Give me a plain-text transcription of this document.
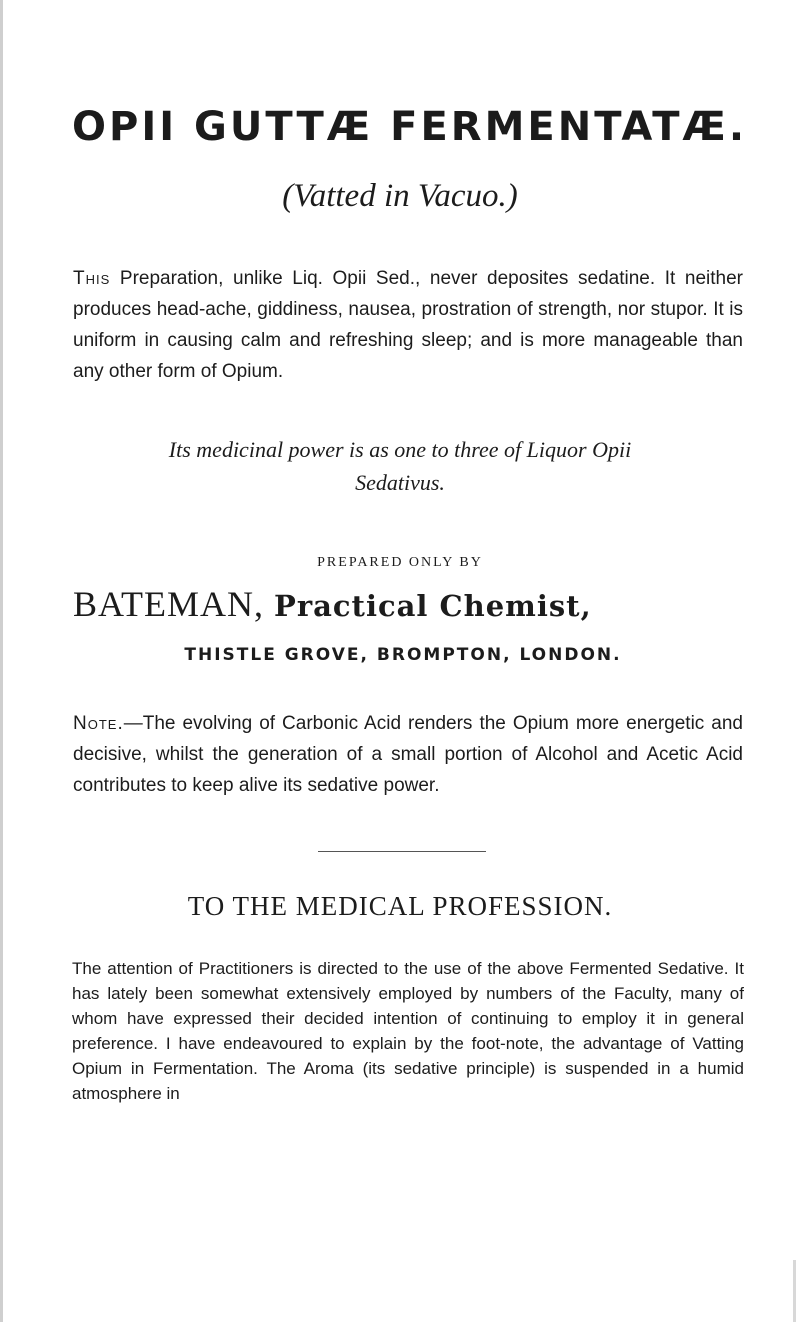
OPII GUTTÆ FERMENTATÆ.
(Vatted in Vacuo.)
This Preparation, unlike Liq. Opii Sed., never deposites sedatine. It neither produces head-ache, giddiness, nausea, prostration of strength, nor stupor. It is uniform in causing calm and refreshing sleep; and is more manageable than any other form of Opium.
Its medicinal power is as one to three of Liquor Opii
Sedativus.
PREPARED ONLY BY
BATEMAN, Practical Chemist,
THISTLE GROVE, BROMPTON, LONDON.
Note.—The evolving of Carbonic Acid renders the Opium more energetic and decisive, whilst the generation of a small portion of Alcohol and Acetic Acid contributes to keep alive its sedative power.
TO THE MEDICAL PROFESSION.
The attention of Practitioners is directed to the use of the above Fermented Sedative. It has lately been somewhat extensively employed by numbers of the Faculty, many of whom have expressed their decided intention of continuing to employ it in general preference. I have endeavoured to explain by the foot-note, the advantage of Vatting Opium in Fermentation. The Aroma (its sedative principle) is suspended in a humid atmosphere in
